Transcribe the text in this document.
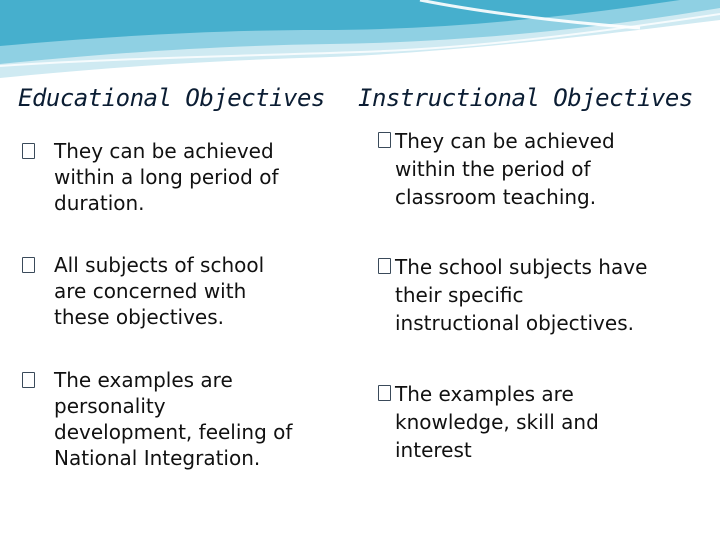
Educational Objectives Instructional Objectives
They can be achieved
within a long period of
duration.
All subjects of school
are concerned with
these objectives.
The examples are
personality
development, feeling of
National Integration.
They can be achieved
within the period of
classroom teaching.
The school subjects have
their specific
instructional objectives.
The examples are
knowledge, skill and
interest
